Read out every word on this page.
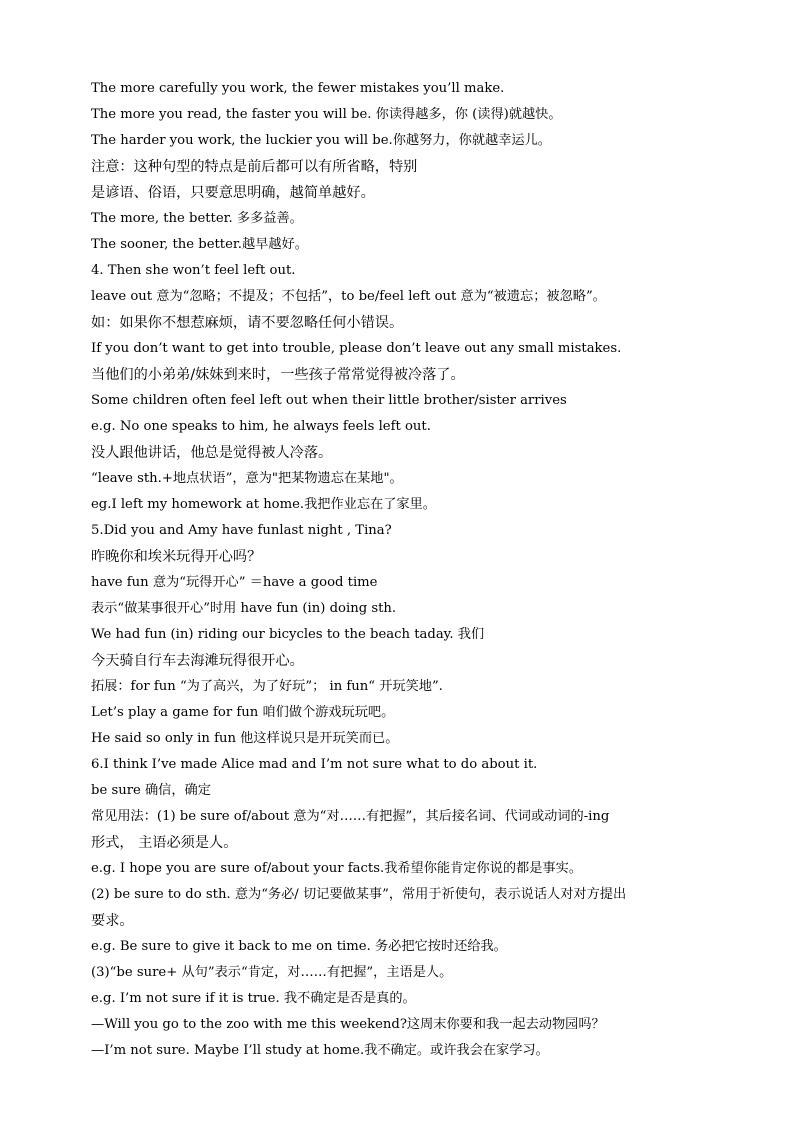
The more carefully you work, the fewer mistakes you’ll make.
The more you read, the faster you will be. 你读得越多，你 (读得)就越快。
The harder you work, the luckier you will be.你越努力，你就越幸运儿。
注意：这种句型的特点是前后都可以有所省略，特别
是谚语、俗语，只要意思明确，越简单越好。
The more, the better. 多多益善。
The sooner, the better.越早越好。
4. Then she won’t feel left out.
leave out 意为“忽略；不提及；不包括”，to be/feel left out 意为“被遗忘；被忽略”。
如：如果你不想惹麻烦，请不要忽略任何小错误。
If you don’t want to get into trouble, please don’t leave out any small mistakes.
当他们的小弟弟/妹妹到来时，一些孩子常常觉得被冷落了。
Some children often feel left out when their little brother/sister arrives
e.g. No one speaks to him, he always feels left out.
没人跟他讲话，他总是觉得被人冷落。
“leave sth.+地点状语”，意为"把某物遗忘在某地"。
eg.I left my homework at home.我把作业忘在了家里。
5.Did you and Amy have funlast night , Tina?
昨晚你和埃米玩得开心吗？
have fun 意为“玩得开心” ＝have a good time
表示“做某事很开心”时用 have fun (in) doing sth.
We had fun (in) riding our bicycles to the beach taday. 我们
今天骑自行车去海滩玩得很开心。
拓展：for fun “为了高兴，为了好玩”； in fun“ 开玩笑地”.
Let’s play a game for fun 咱们做个游戏玩玩吧。
He said so only in fun 他这样说只是开玩笑而已。
6.I think I’ve made Alice mad and I’m not sure what to do about it.
be sure 确信，确定
常见用法：(1) be sure of/about 意为“对……有把握”，其后接名词、代词或动词的-ing
形式， 主语必须是人。
e.g. I hope you are sure of/about your facts.我希望你能肯定你说的都是事实。
(2) be sure to do sth. 意为“务必/ 切记要做某事”，常用于祈使句，表示说话人对对方提出
要求。
e.g. Be sure to give it back to me on time. 务必把它按时还给我。
(3)“be sure+ 从句”表示“肯定，对……有把握”，主语是人。
e.g. I’m not sure if it is true. 我不确定是否是真的。
—Will you go to the zoo with me this weekend?这周末你要和我一起去动物园吗？
—I’m not sure. Maybe I’ll study at home.我不确定。或许我会在家学习。
